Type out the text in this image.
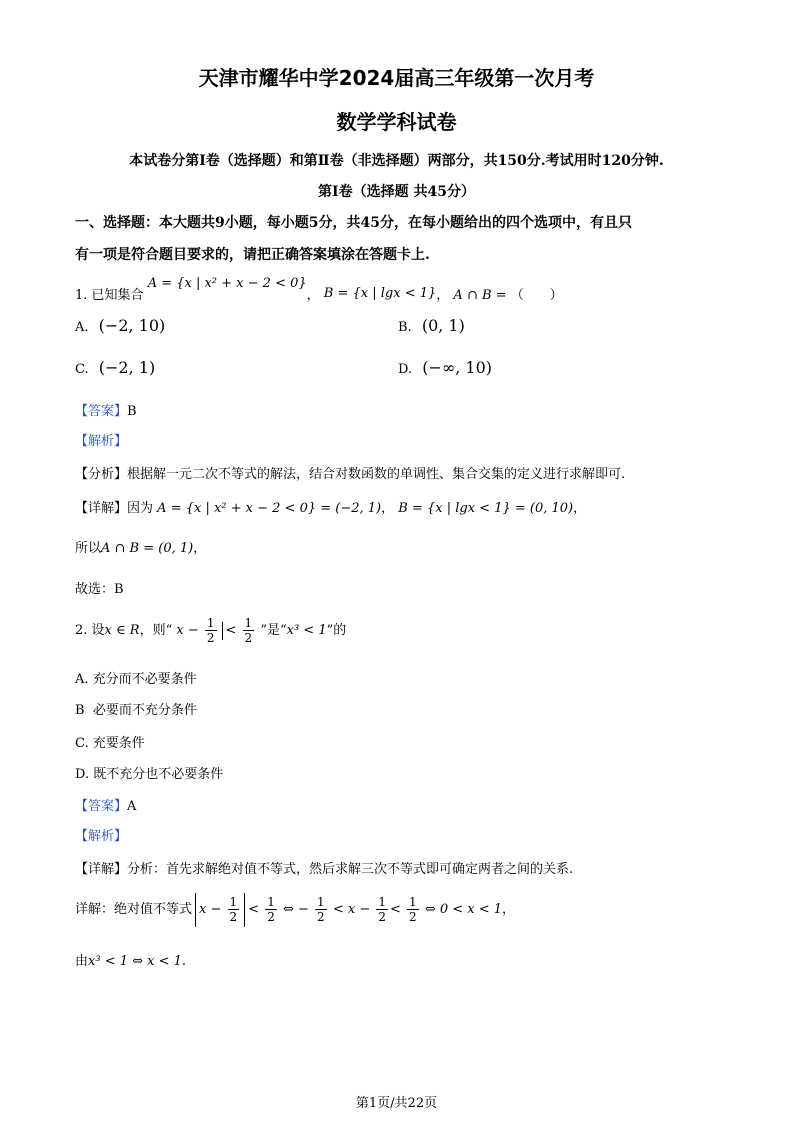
天津市耀华中学2024届高三年级第一次月考
数学学科试卷
本试卷分第Ⅰ卷（选择题）和第Ⅱ卷（非选择题）两部分，共150分.考试用时120分钟.
第Ⅰ卷（选择题 共45分）
一、选择题：本大题共9小题，每小题5分，共45分，在每小题给出的四个选项中，有且只
有一项是符合题目要求的，请把正确答案填涂在答题卡上.
1. 已知集合 A = {x | x² + x − 2 < 0}， B = {x | lgx < 1}， A ∩ B = （　　）
A. (−2, 10)	B. (0, 1)
C. (−2, 1)	D. (−∞, 10)
【答案】B
【解析】
【分析】根据解一元二次不等式的解法，结合对数函数的单调性、集合交集的定义进行求解即可.
【详解】因为 A = {x | x² + x − 2 < 0} = (−2, 1)， B = {x | lgx < 1} = (0, 10)，
所以A ∩ B = (0, 1)，
故选：B
2. 设x ∈ R，则“ $x - \frac{1}{2} < \frac{1}{2}$ ”是“x³ < 1”的
A. 充分而不必要条件
B 必要而不充分条件
C. 充要条件
D. 既不充分也不必要条件
【答案】A
【解析】
【详解】分析：首先求解绝对值不等式，然后求解三次不等式即可确定两者之间的关系.
详解：绝对值不等式 $x - \frac{1}{2} < \frac{1}{2}$ ⇔ − $\frac{1}{2} < x - \frac{1}{2} < \frac{1}{2}$ ⇔ 0 < x < 1，
由x³ < 1 ⇔ x < 1.
第1页/共22页
